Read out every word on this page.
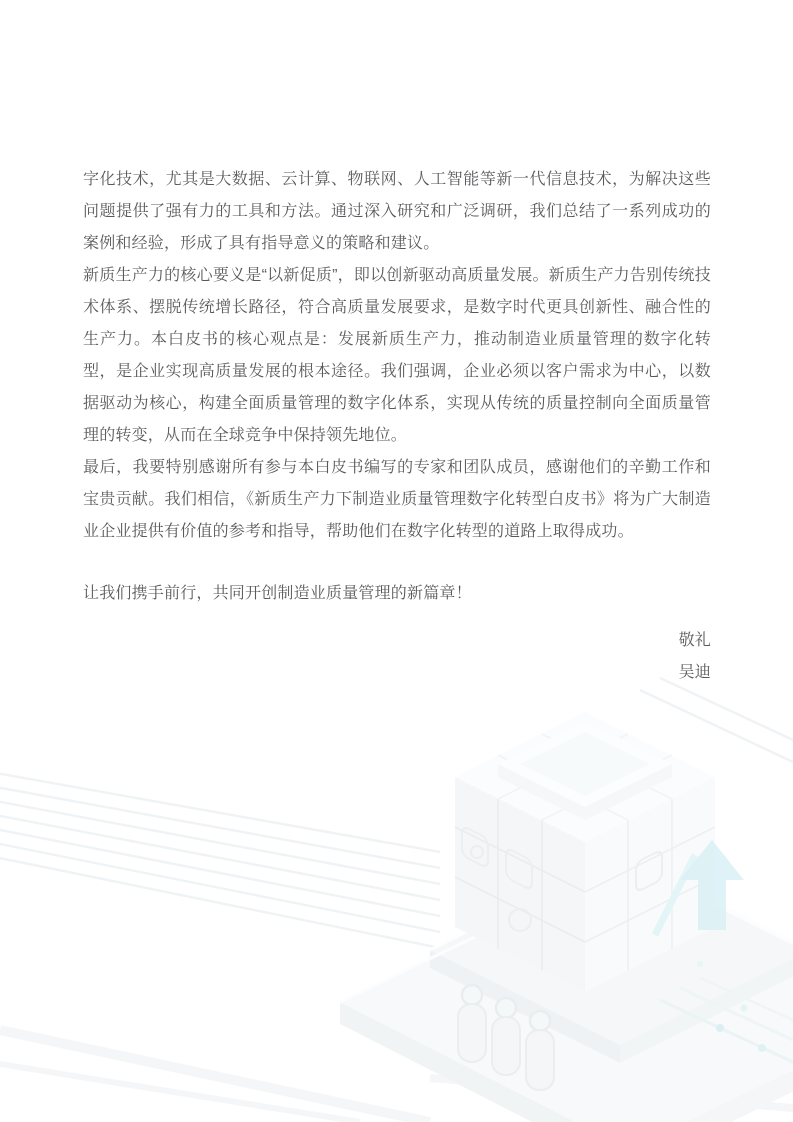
字化技术，尤其是大数据、云计算、物联网、人工智能等新一代信息技术，为解决这些问题提供了强有力的工具和方法。通过深入研究和广泛调研，我们总结了一系列成功的案例和经验，形成了具有指导意义的策略和建议。

新质生产力的核心要义是“以新促质”，即以创新驱动高质量发展。新质生产力告别传统技术体系、摆脱传统增长路径，符合高质量发展要求，是数字时代更具创新性、融合性的生产力。本白皮书的核心观点是：发展新质生产力，推动制造业质量管理的数字化转型，是企业实现高质量发展的根本途径。我们强调，企业必须以客户需求为中心，以数据驱动为核心，构建全面质量管理的数字化体系，实现从传统的质量控制向全面质量管理的转变，从而在全球竞争中保持领先地位。

最后，我要特别感谢所有参与本白皮书编写的专家和团队成员，感谢他们的辛勤工作和宝贵贡献。我们相信，《新质生产力下制造业质量管理数字化转型白皮书》将为广大制造业企业提供有价值的参考和指导，帮助他们在数字化转型的道路上取得成功。

让我们携手前行，共同开创制造业质量管理的新篇章！

敬礼
吴迪
